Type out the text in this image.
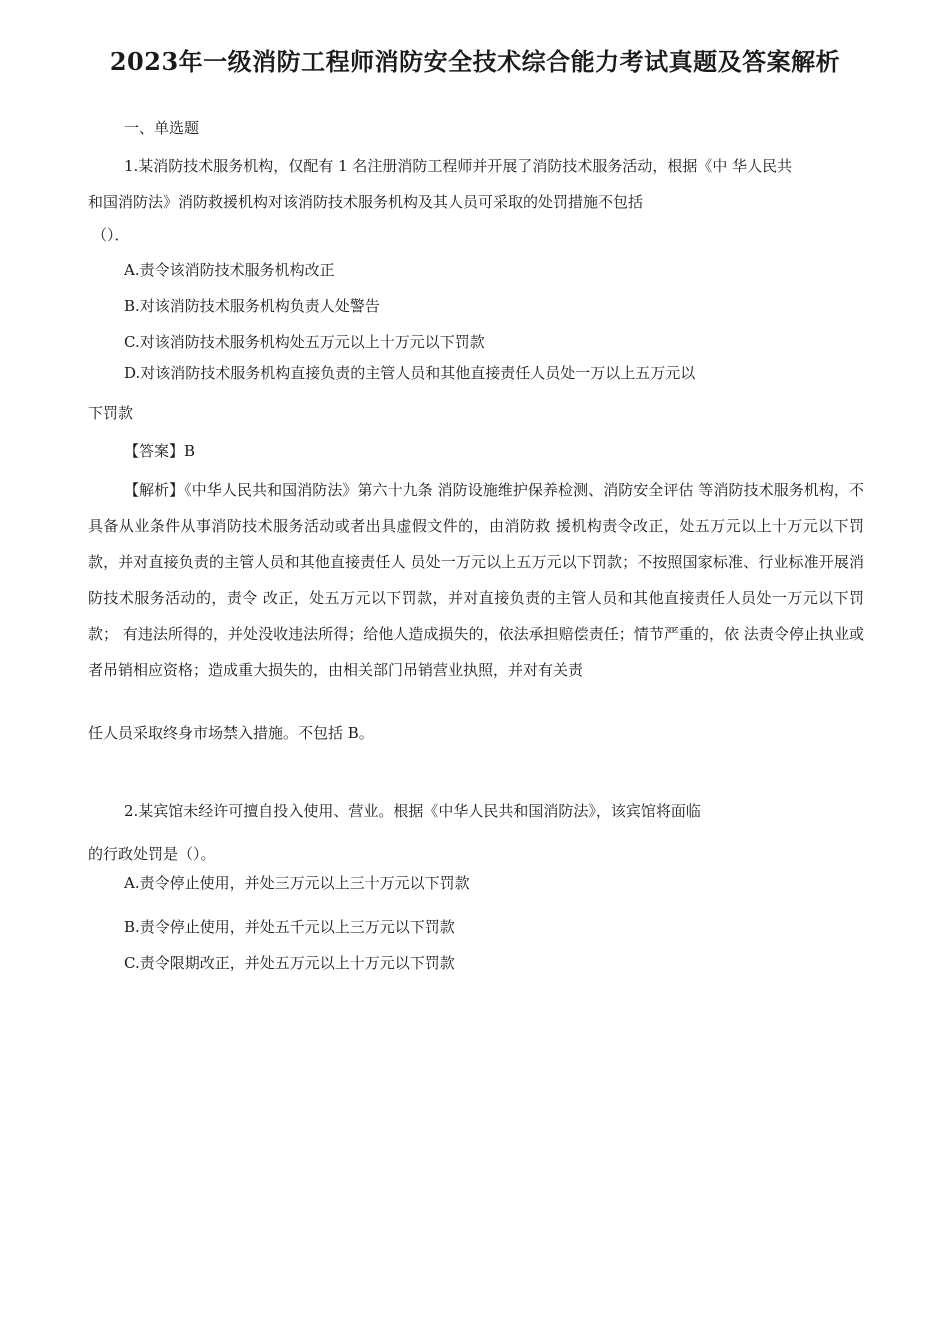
2023年一级消防工程师消防安全技术综合能力考试真题及答案解析

一、单选题

1.某消防技术服务机构，仅配有 1 名注册消防工程师并开展了消防技术服务活动，根据《中 华人民共

和国消防法》消防救援机构对该消防技术服务机构及其人员可采取的处罚措施不包括

（）．

A.责令该消防技术服务机构改正

B.对该消防技术服务机构负责人处警告

C.对该消防技术服务机构处五万元以上十万元以下罚款

D.对该消防技术服务机构直接负责的主管人员和其他直接责任人员处一万以上五万元以

下罚款

【答案】B

【解析】《中华人民共和国消防法》第六十九条 消防设施维护保养检测、消防安全评估 等消防技术服务机构，不具备从业条件从事消防技术服务活动或者出具虚假文件的，由消防救 援机构责令改正，处五万元以上十万元以下罚款，并对直接负责的主管人员和其他直接责任人 员处一万元以上五万元以下罚款；不按照国家标准、行业标准开展消防技术服务活动的，责令 改正，处五万元以下罚款，并对直接负责的主管人员和其他直接责任人员处一万元以下罚款； 有违法所得的，并处没收违法所得；给他人造成损失的，依法承担赔偿责任；情节严重的，依 法责令停止执业或者吊销相应资格；造成重大损失的，由相关部门吊销营业执照，并对有关责

任人员采取终身市场禁入措施。不包括 B。

2.某宾馆未经许可擅自投入使用、营业。根据《中华人民共和国消防法》，该宾馆将面临

的行政处罚是（）。

A.责令停止使用，并处三万元以上三十万元以下罚款

B.责令停止使用，并处五千元以上三万元以下罚款

C.责令限期改正，并处五万元以上十万元以下罚款
